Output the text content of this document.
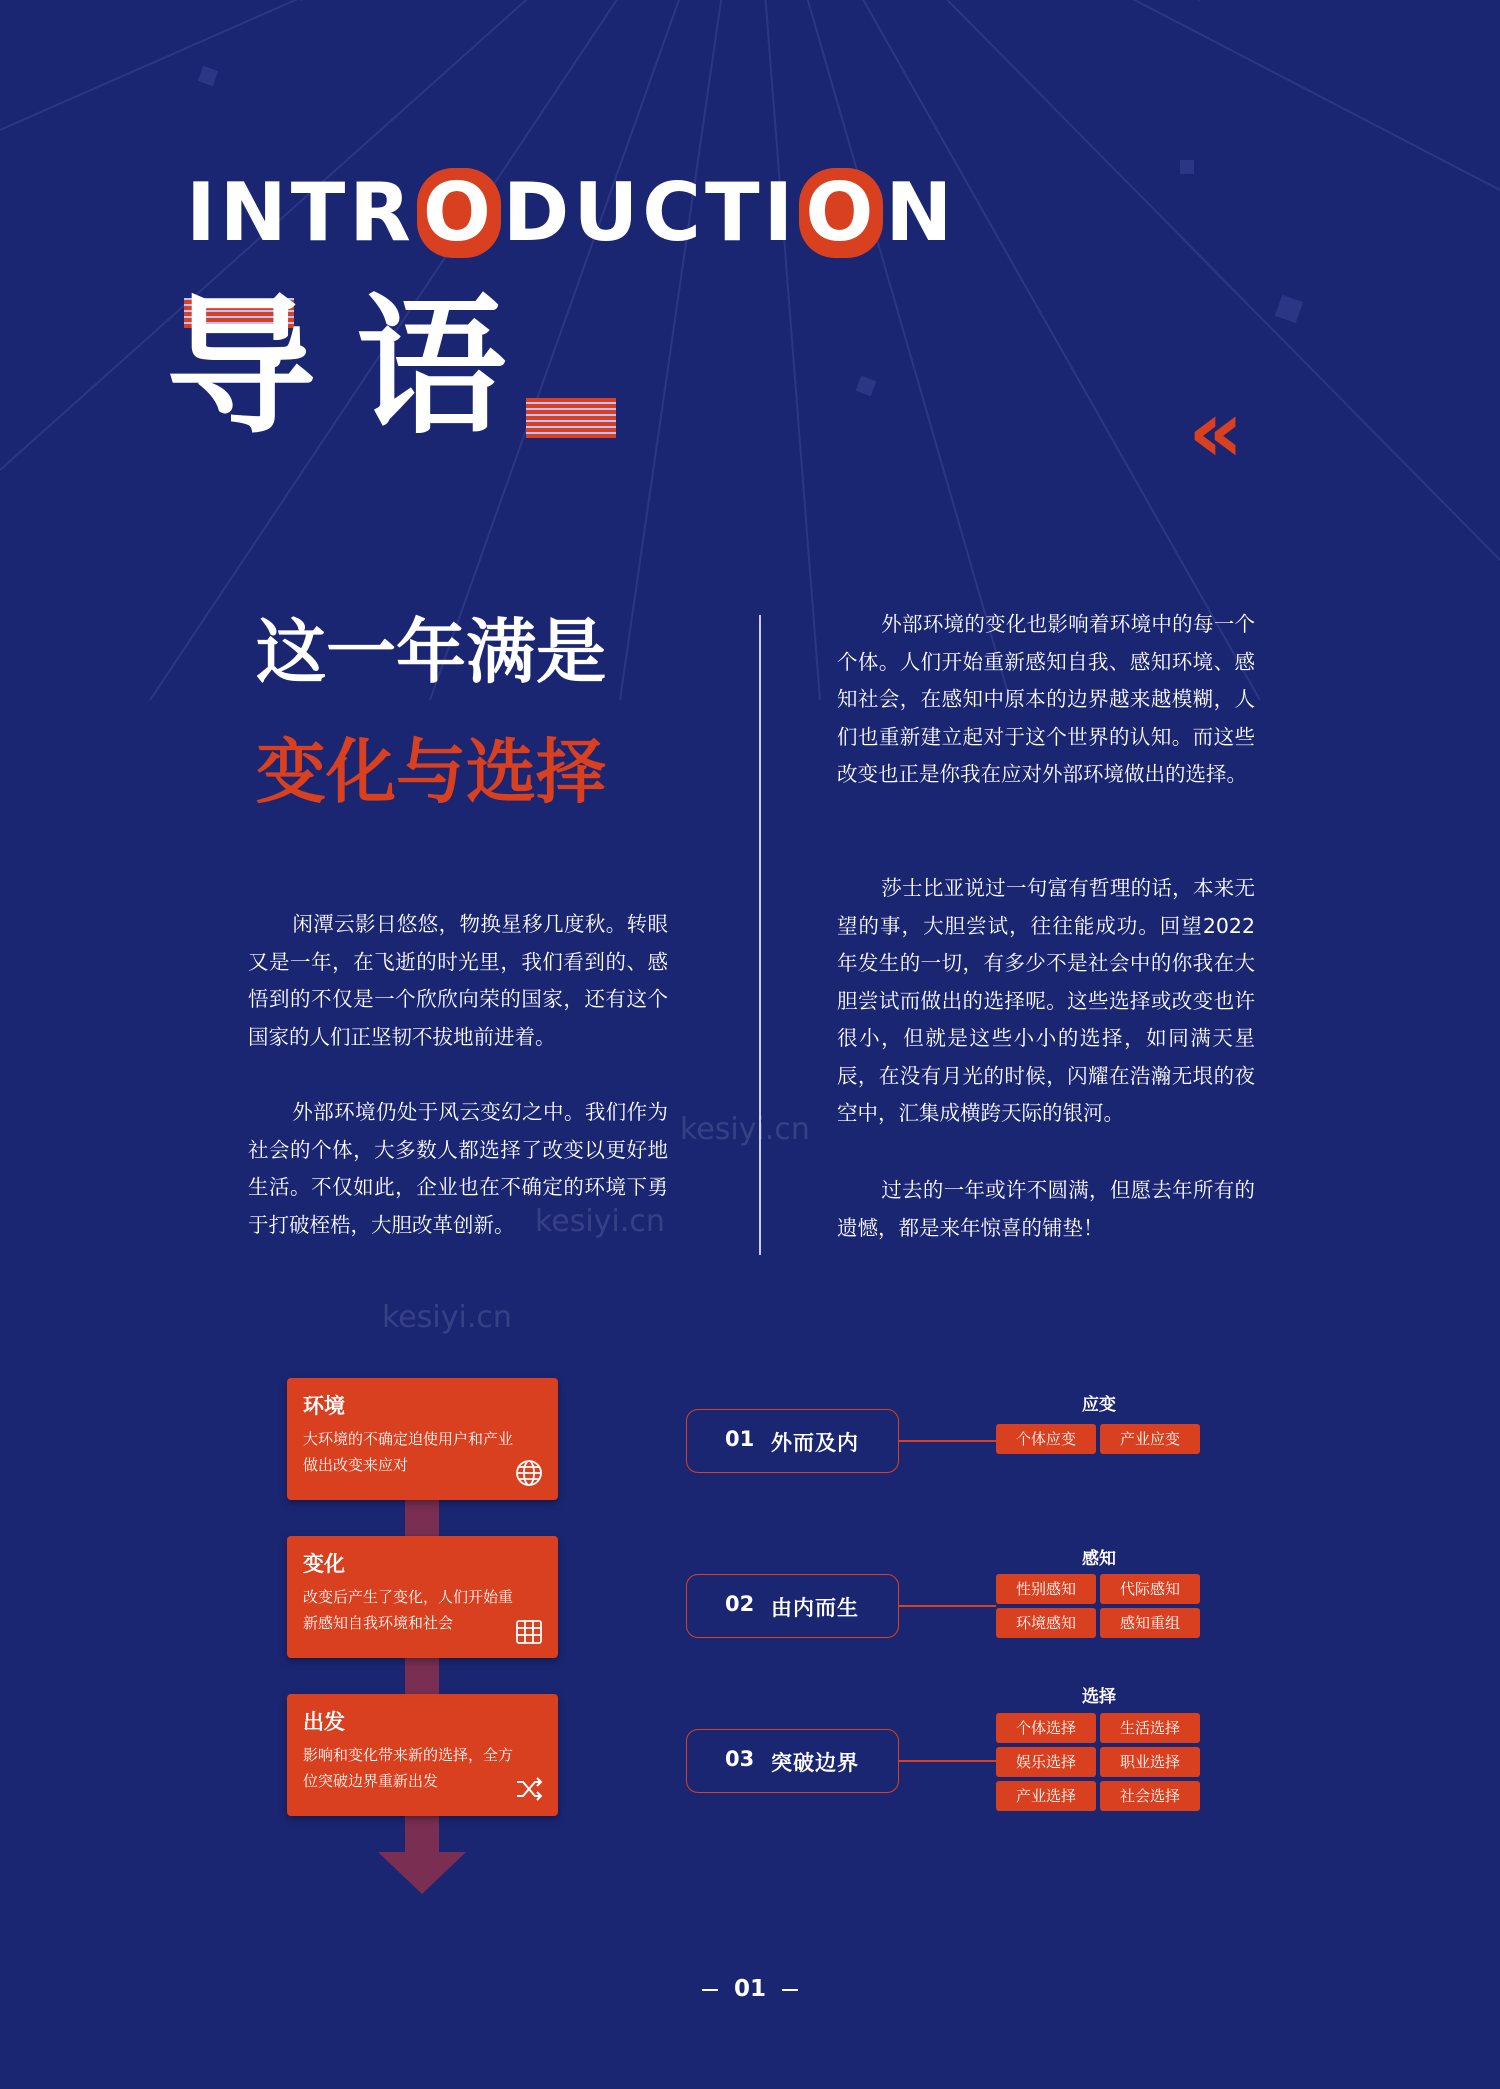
INTR O DUCTI O N
导语	«
这一年满是
变化与选择
闲潭云影日悠悠，物换星移几度秋。转眼又是一年，在飞逝的时光里，我们看到的、感悟到的不仅是一个欣欣向荣的国家，还有这个国家的人们正坚韧不拔地前进着。
外部环境仍处于风云变幻之中。我们作为社会的个体，大多数人都选择了改变以更好地生活。不仅如此，企业也在不确定的环境下勇于打破桎梏，大胆改革创新。
外部环境的变化也影响着环境中的每一个个体。人们开始重新感知自我、感知环境、感知社会，在感知中原本的边界越来越模糊，人们也重新建立起对于这个世界的认知。而这些改变也正是你我在应对外部环境做出的选择。
莎士比亚说过一句富有哲理的话，本来无望的事，大胆尝试，往往能成功。回望2022年发生的一切，有多少不是社会中的你我在大胆尝试而做出的选择呢。这些选择或改变也许很小，但就是这些小小的选择，如同满天星辰，在没有月光的时候，闪耀在浩瀚无垠的夜空中，汇集成横跨天际的银河。
过去的一年或许不圆满，但愿去年所有的遗憾，都是来年惊喜的铺垫！
kesiyi.cn
kesiyi.cn
kesiyi.cn
环境
大环境的不确定迫使用户和产业做出改变来应对
变化
改变后产生了变化，人们开始重新感知自我环境和社会
出发
影响和变化带来新的选择，全方位突破边界重新出发
01 外而及内
应变
个体应变	产业应变
02 由内而生
感知
性别感知	代际感知
环境感知	感知重组
03 突破边界
选择
个体选择	生活选择
娱乐选择	职业选择
产业选择	社会选择
01
